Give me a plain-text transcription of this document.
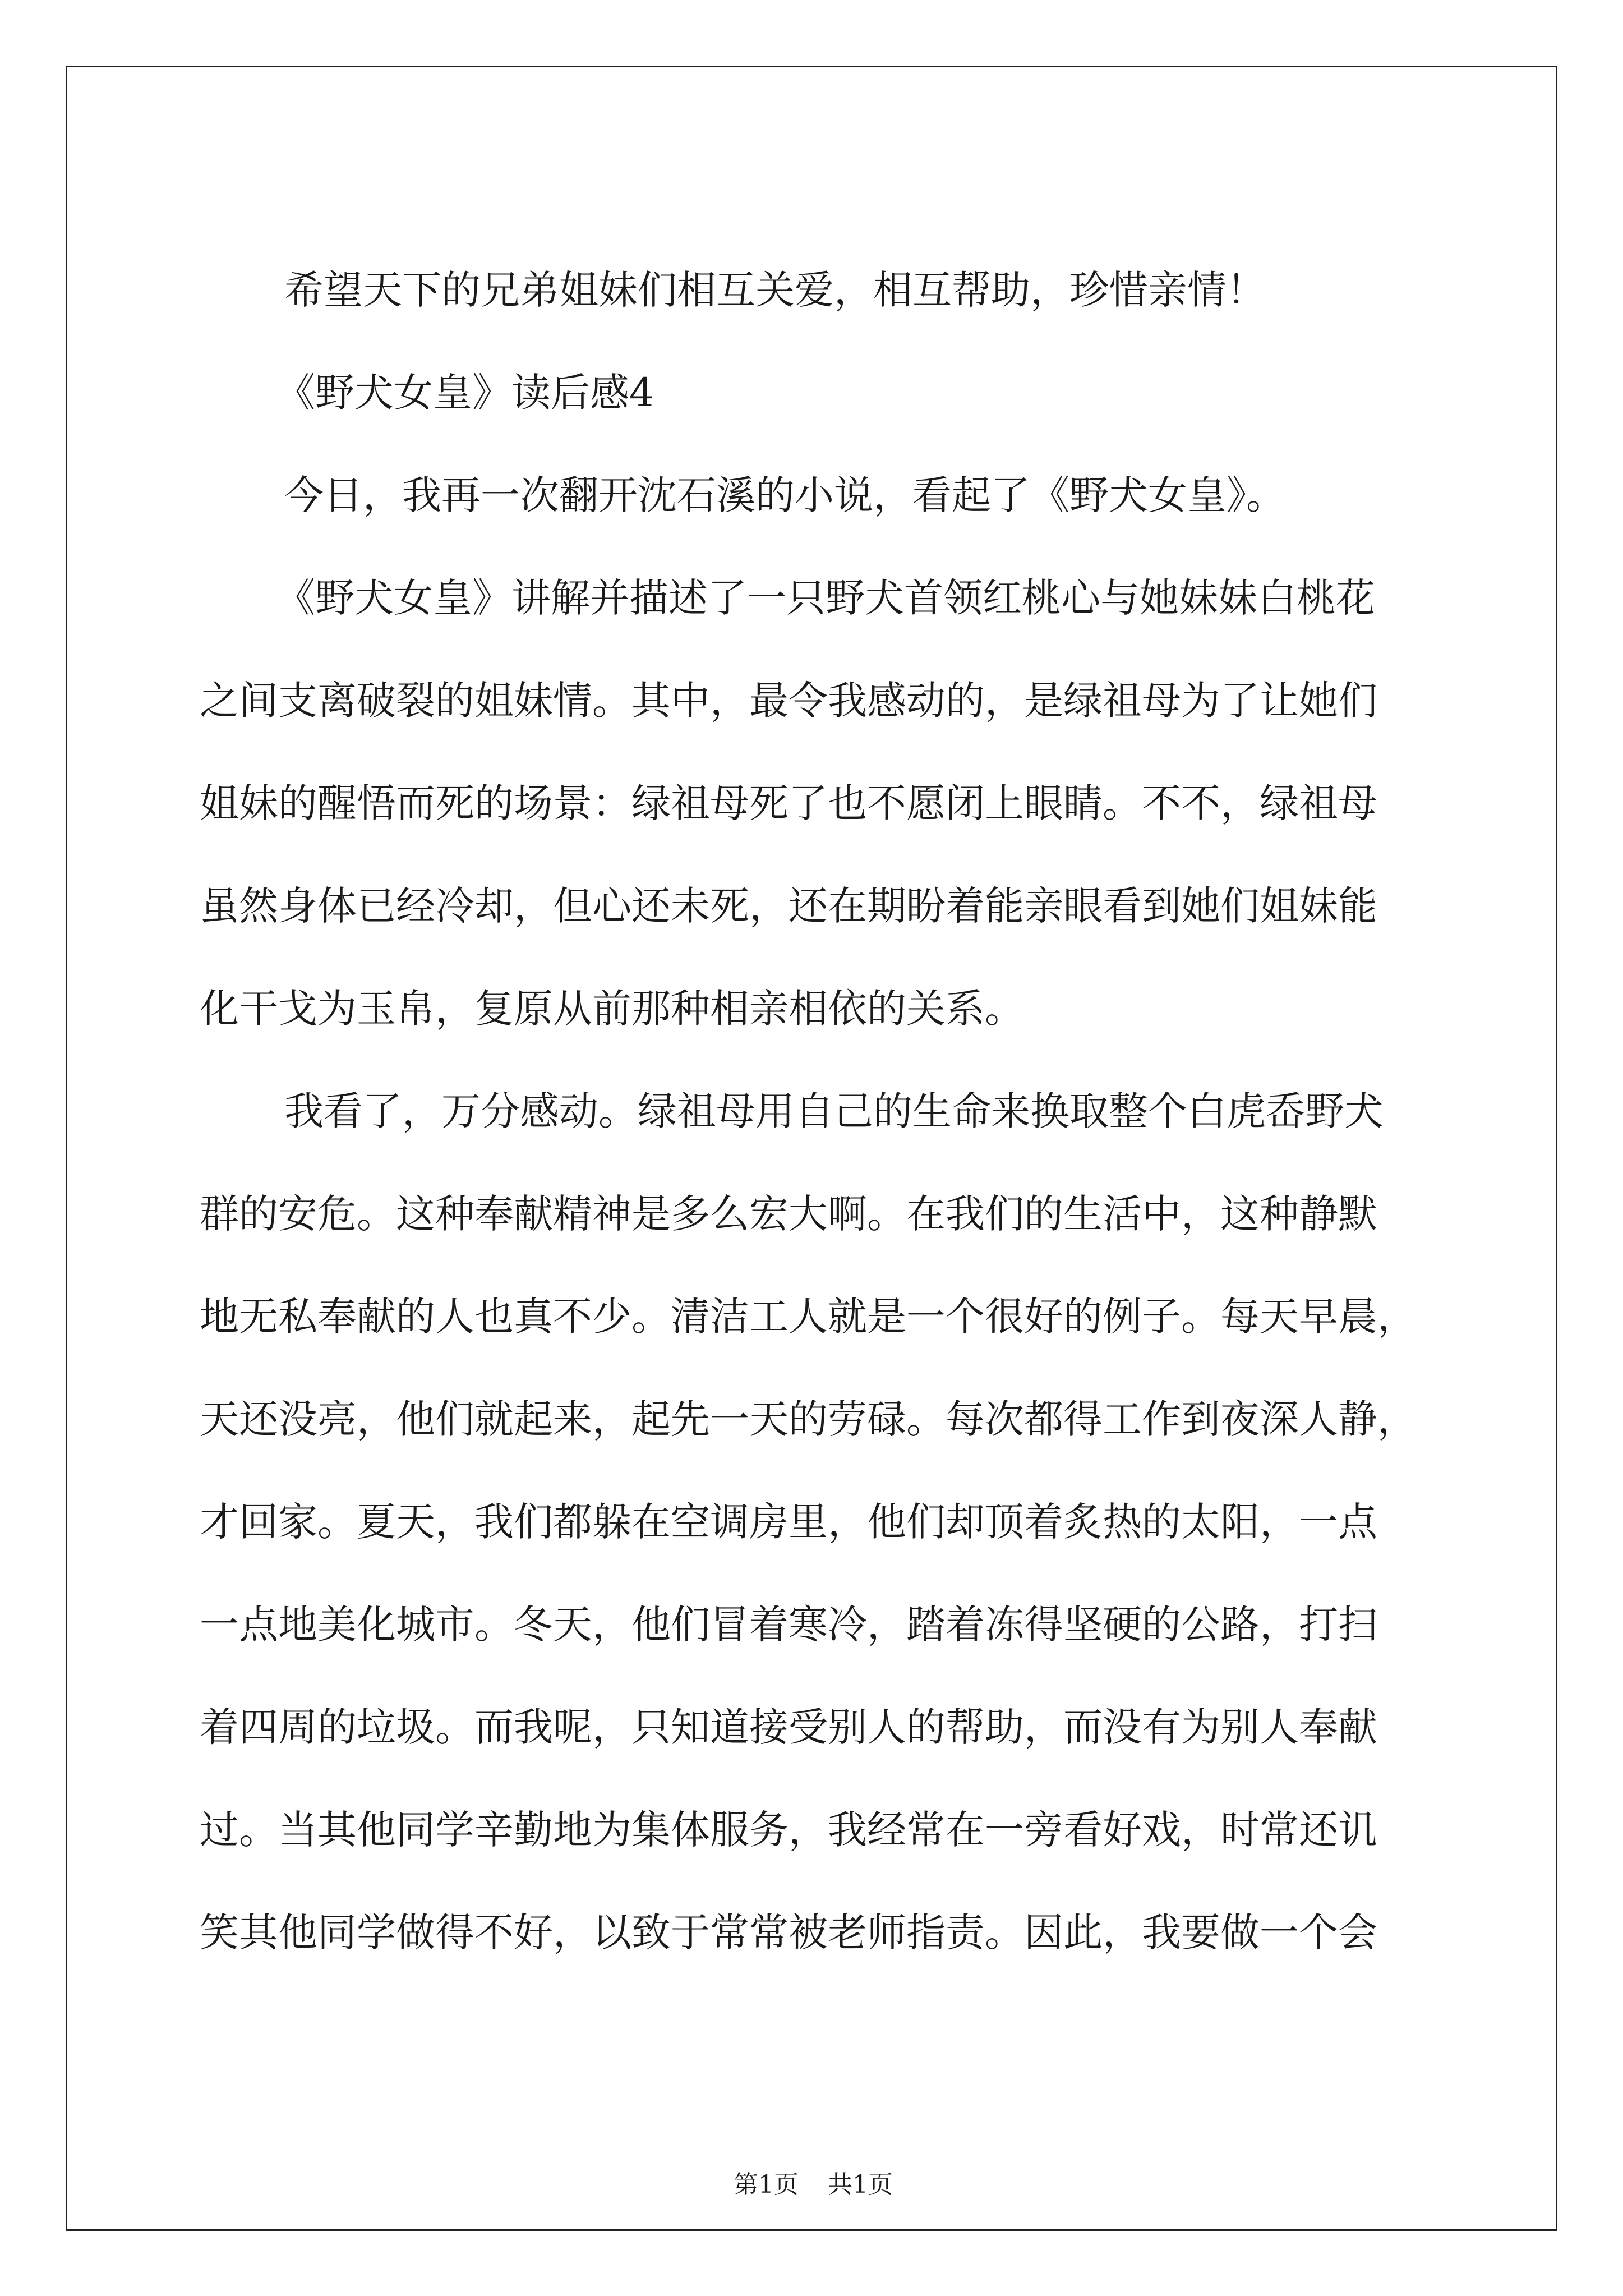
希望天下的兄弟姐妹们相互关爱，相互帮助，珍惜亲情！
《野犬女皇》读后感4
今日，我再一次翻开沈石溪的小说，看起了《野犬女皇》。
《野犬女皇》讲解并描述了一只野犬首领红桃心与她妹妹白桃花
之间支离破裂的姐妹情。其中，最令我感动的，是绿祖母为了让她们
姐妹的醒悟而死的场景：绿祖母死了也不愿闭上眼睛。不不，绿祖母
虽然身体已经冷却，但心还未死，还在期盼着能亲眼看到她们姐妹能
化干戈为玉帛，复原从前那种相亲相依的关系。
我看了，万分感动。绿祖母用自己的生命来换取整个白虎岙野犬
群的安危。这种奉献精神是多么宏大啊。在我们的生活中，这种静默
地无私奉献的人也真不少。清洁工人就是一个很好的例子。每天早晨，
天还没亮，他们就起来，起先一天的劳碌。每次都得工作到夜深人静，
才回家。夏天，我们都躲在空调房里，他们却顶着炙热的太阳，一点
一点地美化城市。冬天，他们冒着寒冷，踏着冻得坚硬的公路，打扫
着四周的垃圾。而我呢，只知道接受别人的帮助，而没有为别人奉献
过。当其他同学辛勤地为集体服务，我经常在一旁看好戏，时常还讥
笑其他同学做得不好，以致于常常被老师指责。因此，我要做一个会
第1页 共1页
